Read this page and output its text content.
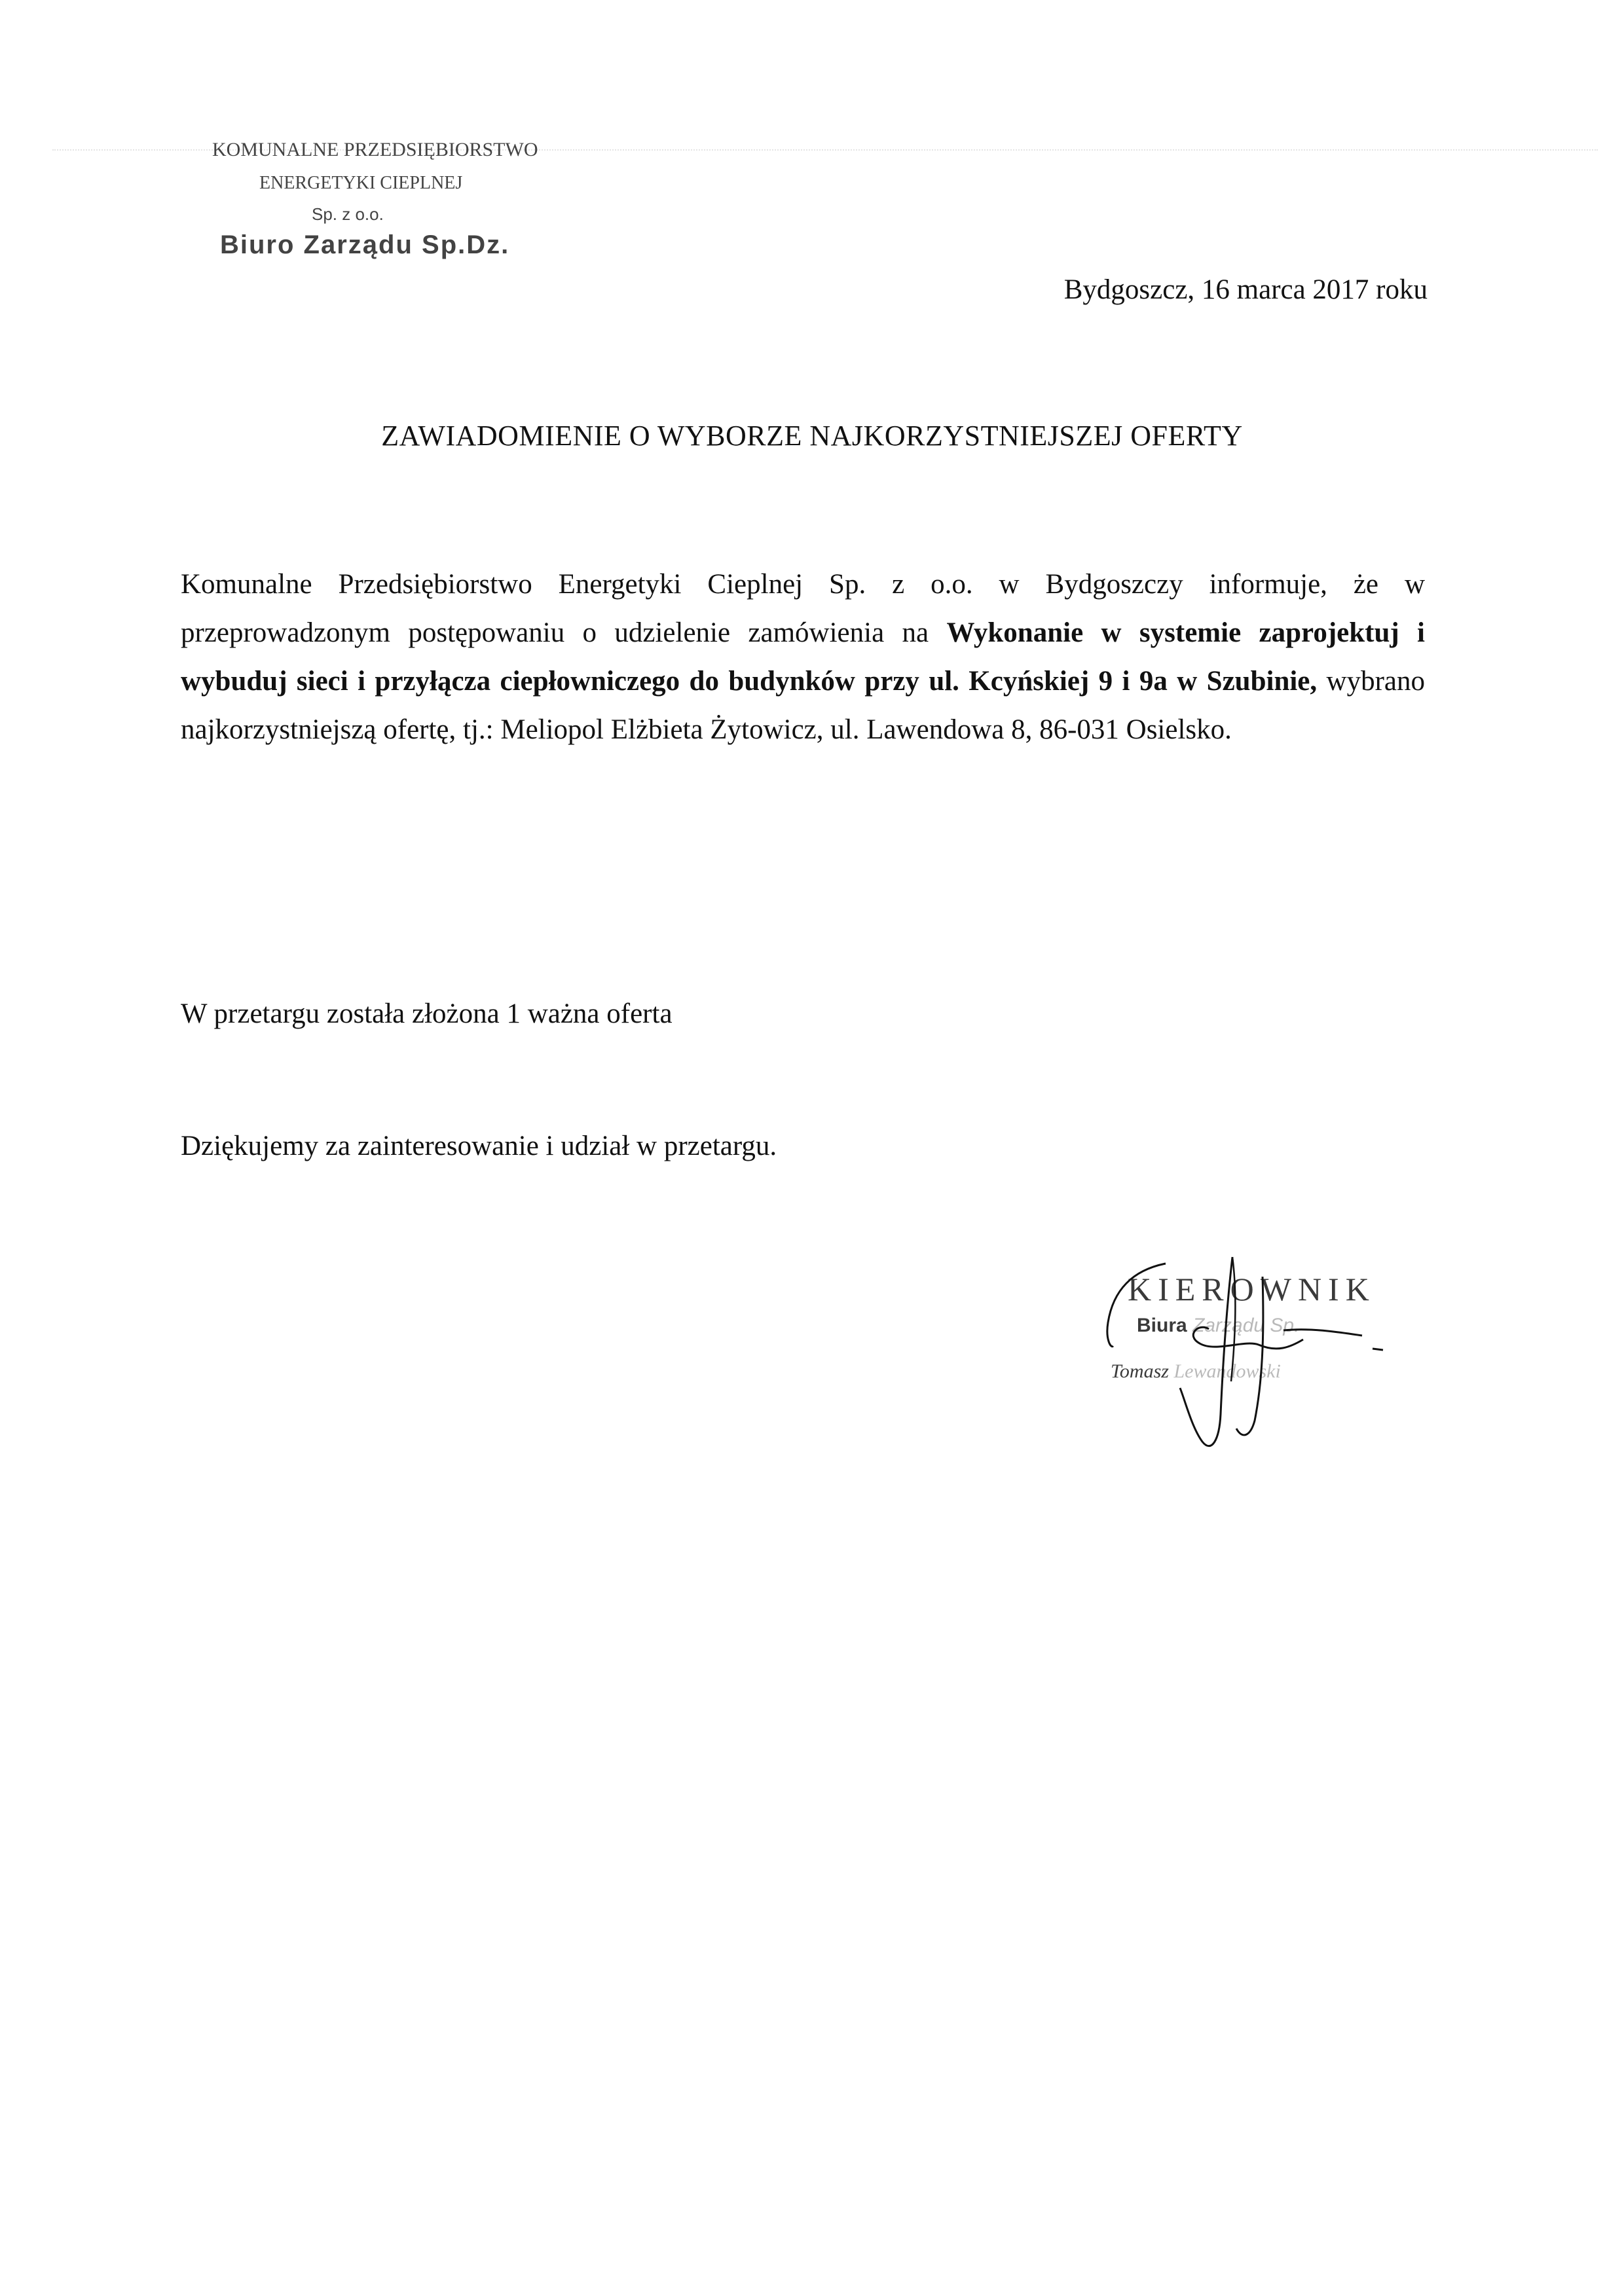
KOMUNALNE PRZEDSIĘBIORSTWO
ENERGETYKI CIEPLNEJ
Sp. z o.o.
Biuro Zarządu Sp.Dz.
Bydgoszcz, 16 marca 2017 roku
ZAWIADOMIENIE O WYBORZE NAJKORZYSTNIEJSZEJ OFERTY

Komunalne Przedsiębiorstwo Energetyki Cieplnej Sp. z o.o. w Bydgoszczy informuje, że w przeprowadzonym postępowaniu o udzielenie zamówienia na Wykonanie w systemie zaprojektuj i wybuduj sieci i przyłącza ciepłowniczego do budynków przy ul. Kcyńskiej 9 i 9a w Szubinie, wybrano najkorzystniejszą ofertę, tj.: Meliopol Elżbieta Żytowicz, ul. Lawendowa 8, 86-031 Osielsko.

W przetargu została złożona 1 ważna oferta

Dziękujemy za zainteresowanie i udział w przetargu.

KIEROWNIK
Biura Zarządu Sp.
Tomasz Lewandowski
